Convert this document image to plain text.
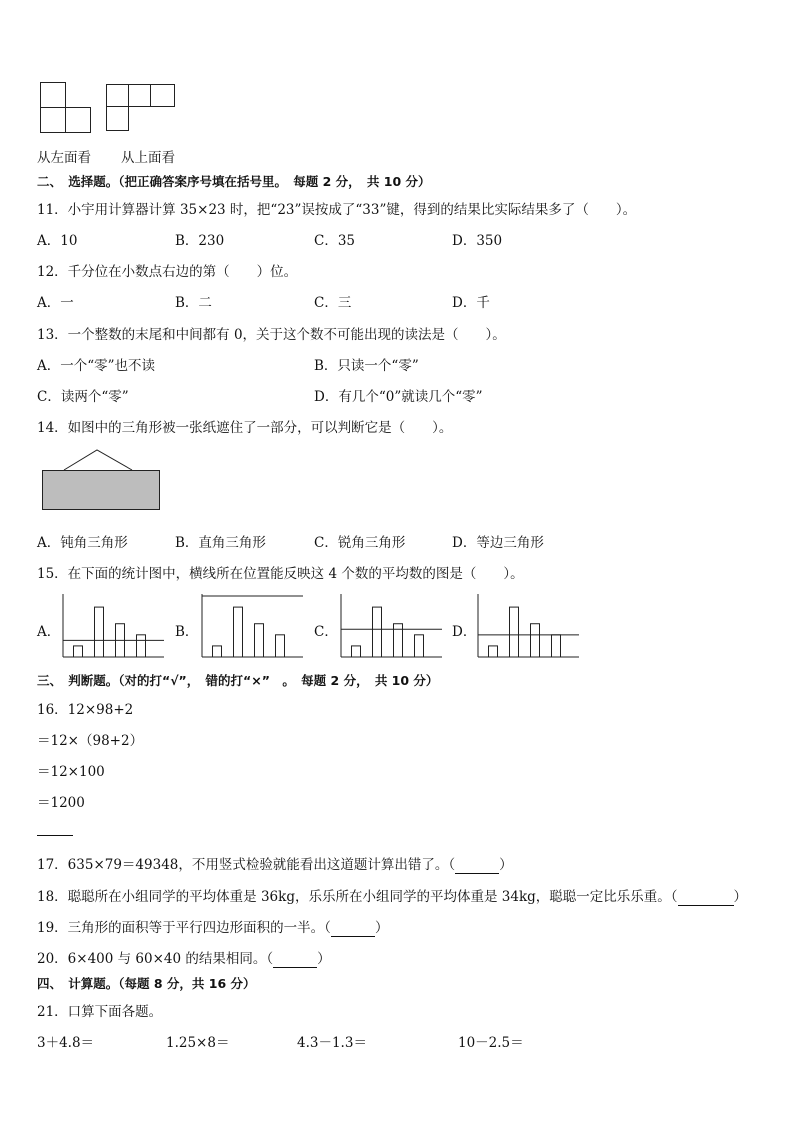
从左面看 从上面看
二、　选择题。（把正确答案序号填在括号里。　每题 2 分，　共 10 分）
11．小宇用计算器计算 35×23 时，把“23”误按成了“33”键，得到的结果比实际结果多了（　　）。
A．10	B．230	C．35	D．350
12．千分位在小数点右边的第（　　）位。
A．一	B．二	C．三	D．千
13．一个整数的末尾和中间都有 0，关于这个数不可能出现的读法是（　　）。
A．一个“零”也不读	B．只读一个“零”
C．读两个“零”	D．有几个“0”就读几个“零”
14．如图中的三角形被一张纸遮住了一部分，可以判断它是（　　）。
A．钝角三角形	B．直角三角形	C．锐角三角形	D．等边三角形
15．在下面的统计图中，横线所在位置能反映这 4 个数的平均数的图是（　　）。
A．	B．	C．	D．
三、　判断题。（对的打“√”，　错的打“×”　。　每题 2 分，　共 10 分）
16．12×98+2
＝12×（98+2）
＝12×100
＝1200
17．635×79＝49348，不用竖式检验就能看出这道题计算出错了。（	）
18．聪聪所在小组同学的平均体重是 36kg，乐乐所在小组同学的平均体重是 34kg，聪聪一定比乐乐重。（	）
19．三角形的面积等于平行四边形面积的一半。（	）
20．6×400 与 60×40 的结果相同。（	）
四、　计算题。（每题 8 分，共 16 分）
21．口算下面各题。
3＋4.8＝	1.25×8＝	4.3－1.3＝	10－2.5＝
